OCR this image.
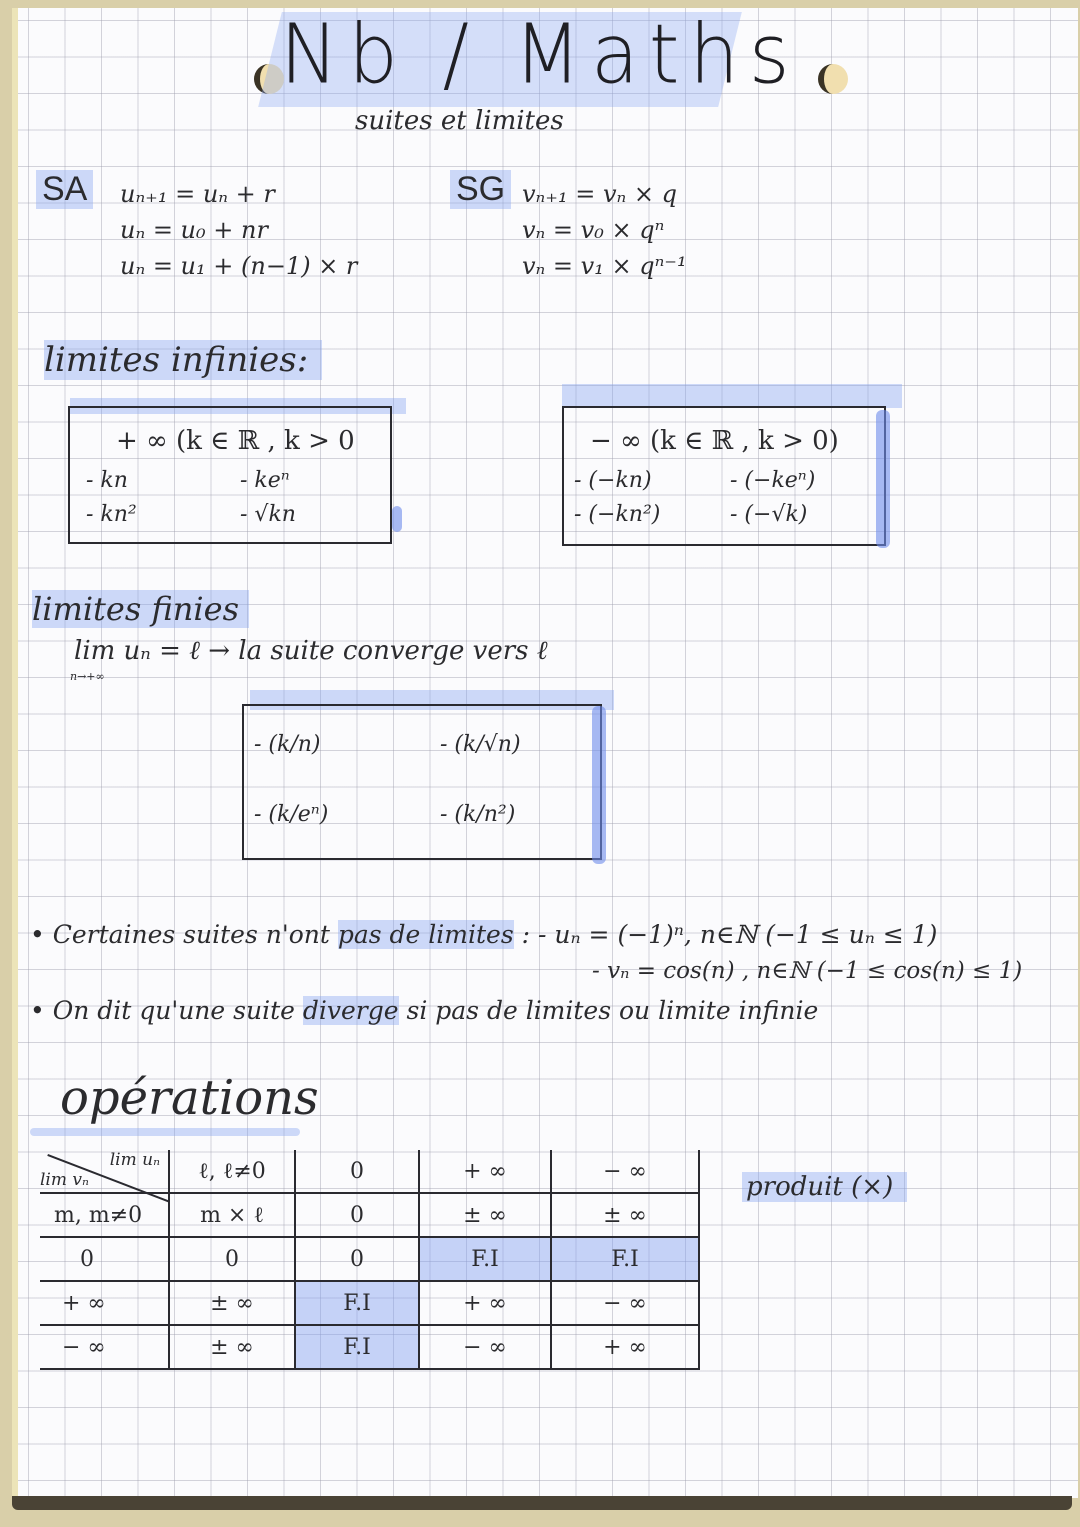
Nb / Maths
suites et limites
SA uₙ₊₁ = uₙ + r
uₙ = u₀ + nr
uₙ = u₁ + (n−1) × r
SG vₙ₊₁ = vₙ × q
vₙ = v₀ × qⁿ
vₙ = v₁ × qⁿ⁻¹
limites infinies:
+ ∞ (k ∈ ℝ , k > 0
- kn	- keⁿ
- kn²	- √kn
− ∞ (k ∈ ℝ , k > 0)
- (−kn)	- (−keⁿ)
- (−kn²)	- (−√k)
limites finies
lim uₙ = ℓ → la suite converge vers ℓ
n→+∞
- (k/n)	- (k/√n)
- (k/eⁿ)	- (k/n²)
• Certaines suites n'ont pas de limites : - uₙ = (−1)ⁿ, n∈ℕ (−1 ≤ uₙ ≤ 1)
- vₙ = cos(n) , n∈ℕ (−1 ≤ cos(n) ≤ 1)
• On dit qu'une suite diverge si pas de limites ou limite infinie
opérations
produit (×)
lim uₙ
lim vₙ	ℓ, ℓ≠0	0	+ ∞	− ∞
m, m≠0	m × ℓ	0	± ∞	± ∞
0	0	0	F.I	F.I
+ ∞	± ∞	F.I	+ ∞	− ∞
− ∞	± ∞	F.I	− ∞	+ ∞
